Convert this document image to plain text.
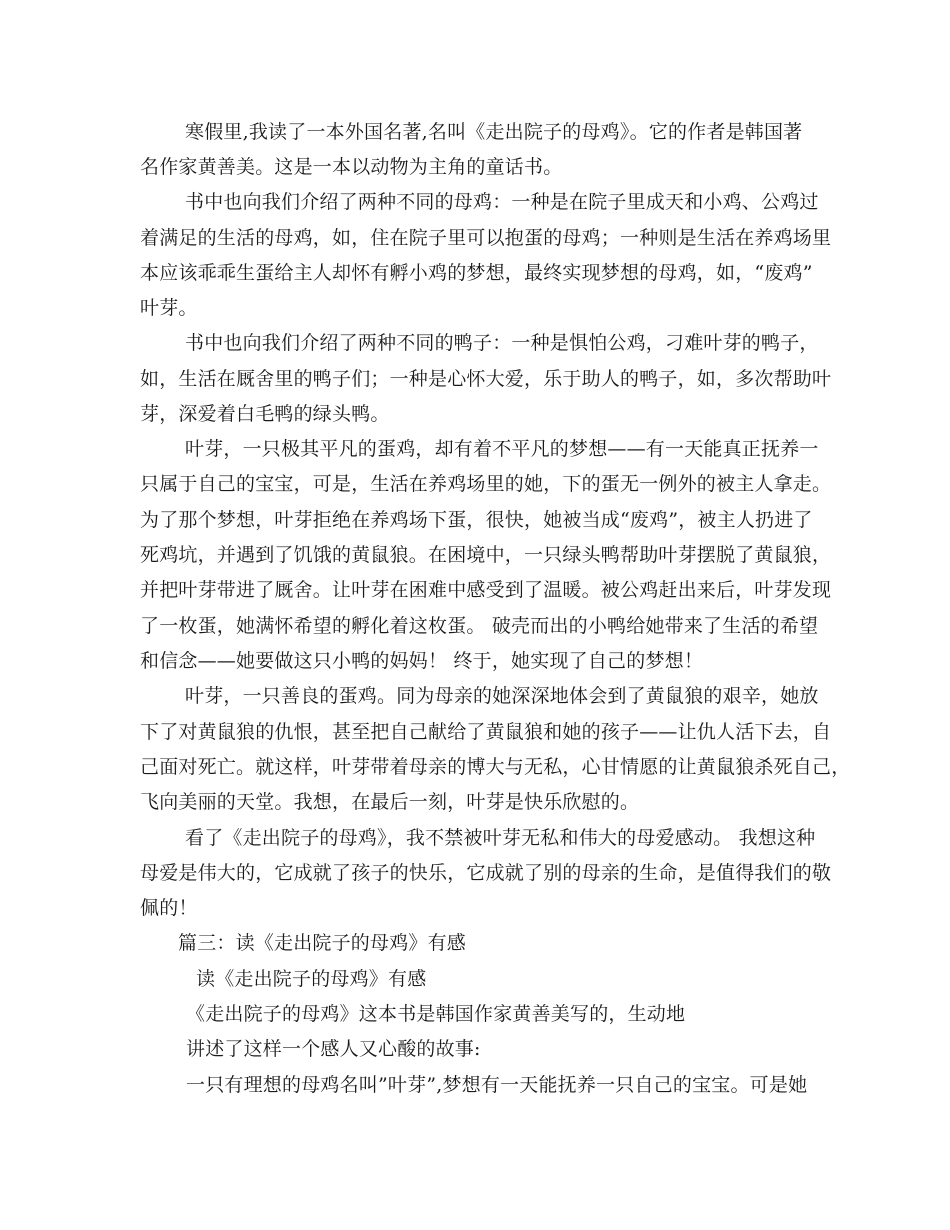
寒假里,我读了一本外国名著,名叫《走出院子的母鸡》。它的作者是韩国著
名作家黄善美。这是一本以动物为主角的童话书。
书中也向我们介绍了两种不同的母鸡：一种是在院子里成天和小鸡、公鸡过
着满足的生活的母鸡，如，住在院子里可以抱蛋的母鸡；一种则是生活在养鸡场里
本应该乖乖生蛋给主人却怀有孵小鸡的梦想，最终实现梦想的母鸡，如，“废鸡”
叶芽。
书中也向我们介绍了两种不同的鸭子：一种是惧怕公鸡，刁难叶芽的鸭子，
如，生活在厩舍里的鸭子们；一种是心怀大爱，乐于助人的鸭子，如，多次帮助叶
芽，深爱着白毛鸭的绿头鸭。
叶芽，一只极其平凡的蛋鸡，却有着不平凡的梦想——有一天能真正抚养一
只属于自己的宝宝，可是，生活在养鸡场里的她，下的蛋无一例外的被主人拿走。
为了那个梦想，叶芽拒绝在养鸡场下蛋，很快，她被当成“废鸡”，被主人扔进了
死鸡坑，并遇到了饥饿的黄鼠狼。在困境中，一只绿头鸭帮助叶芽摆脱了黄鼠狼，
并把叶芽带进了厩舍。让叶芽在困难中感受到了温暖。被公鸡赶出来后，叶芽发现
了一枚蛋，她满怀希望的孵化着这枚蛋。 破壳而出的小鸭给她带来了生活的希望
和信念——她要做这只小鸭的妈妈！ 终于，她实现了自己的梦想！
叶芽，一只善良的蛋鸡。同为母亲的她深深地体会到了黄鼠狼的艰辛，她放
下了对黄鼠狼的仇恨，甚至把自己献给了黄鼠狼和她的孩子——让仇人活下去，自
己面对死亡。就这样，叶芽带着母亲的博大与无私，心甘情愿的让黄鼠狼杀死自己，
飞向美丽的天堂。我想，在最后一刻，叶芽是快乐欣慰的。
看了《走出院子的母鸡》，我不禁被叶芽无私和伟大的母爱感动。 我想这种
母爱是伟大的，它成就了孩子的快乐，它成就了别的母亲的生命，是值得我们的敬
佩的！
篇三：读《走出院子的母鸡》有感
读《走出院子的母鸡》有感
《走出院子的母鸡》这本书是韩国作家黄善美写的，生动地
讲述了这样一个感人又心酸的故事:
一只有理想的母鸡名叫”叶芽”,梦想有一天能抚养一只自己的宝宝。可是她
